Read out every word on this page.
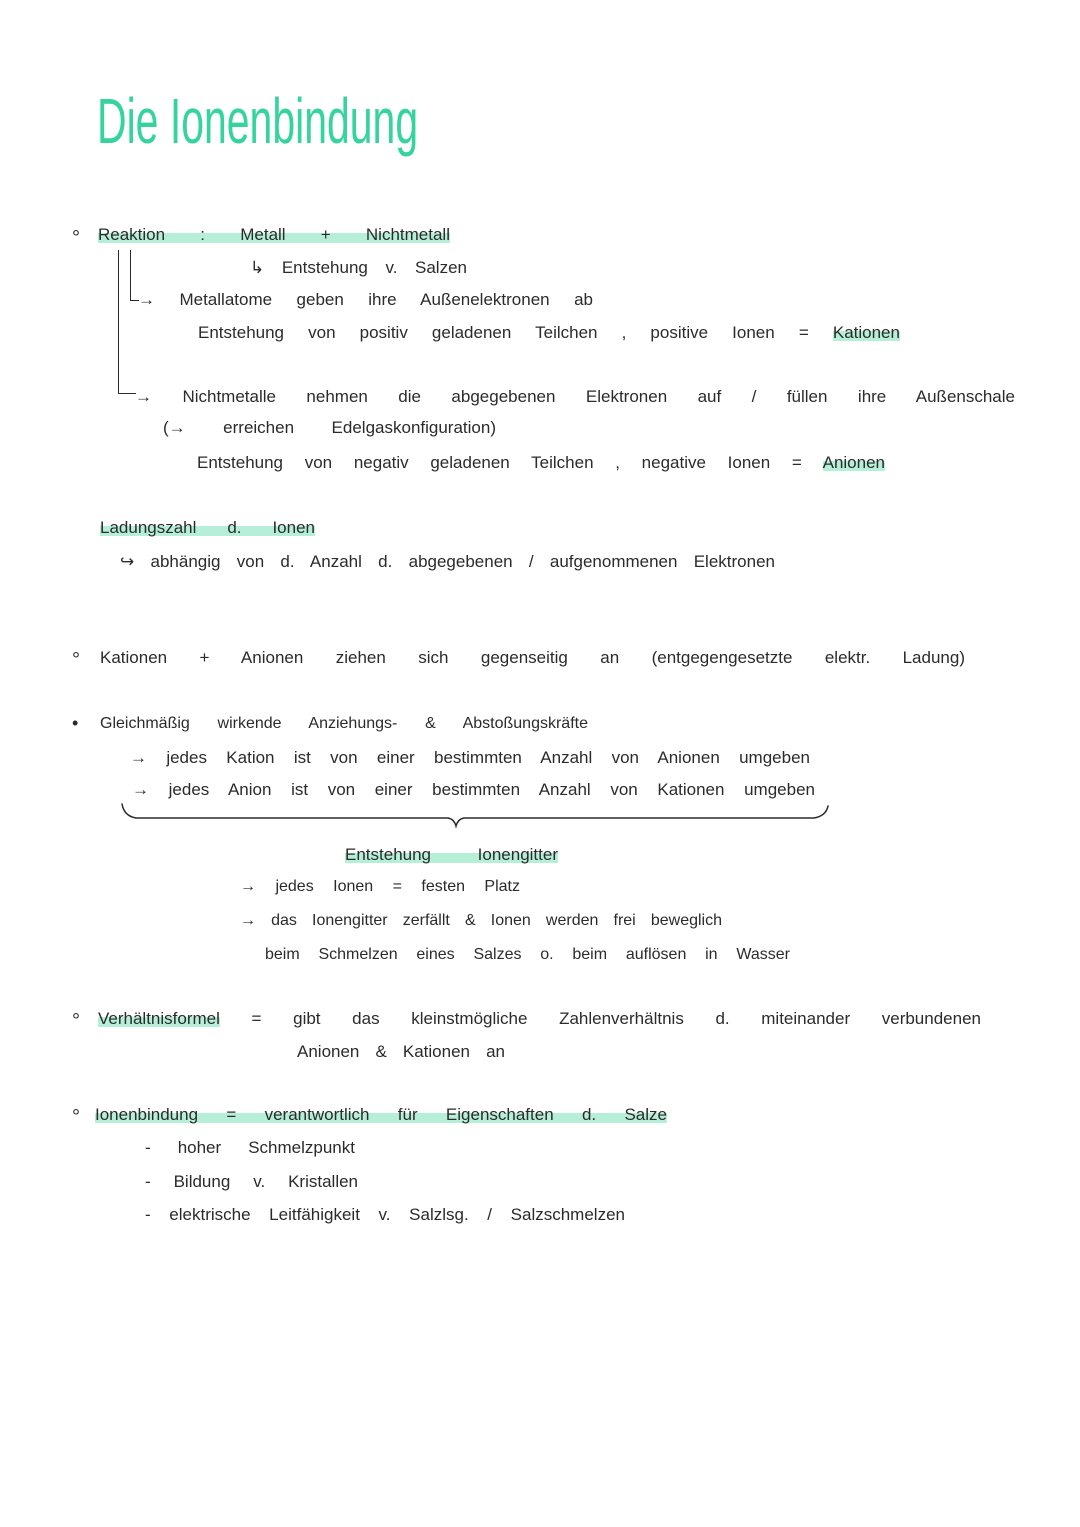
Die Ionenbindung
° Reaktion : Metall + Nichtmetall
↳ Entstehung v. Salzen
→ Metallatome geben ihre Außenelektronen ab
Entstehung von positiv geladenen Teilchen , positive Ionen = Kationen
→ Nichtmetalle nehmen die abgegebenen Elektronen auf / füllen ihre Außenschale
(→ erreichen Edelgaskonfiguration)
Entstehung von negativ geladenen Teilchen , negative Ionen = Anionen
Ladungszahl d. Ionen
↪ abhängig von d. Anzahl d. abgegebenen / aufgenommenen Elektronen
° Kationen + Anionen ziehen sich gegenseitig an (entgegengesetzte elektr. Ladung)
• Gleichmäßig wirkende Anziehungs- & Abstoßungskräfte
→ jedes Kation ist von einer bestimmten Anzahl von Anionen umgeben
→ jedes Anion ist von einer bestimmten Anzahl von Kationen umgeben
Entstehung Ionengitter
→ jedes Ionen = festen Platz
→ das Ionengitter zerfällt & Ionen werden frei beweglich
beim Schmelzen eines Salzes o. beim auflösen in Wasser
° Verhältnisformel = gibt das kleinstmögliche Zahlenverhältnis d. miteinander verbundenen
Anionen & Kationen an
° Ionenbindung = verantwortlich für Eigenschaften d. Salze
- hoher Schmelzpunkt
- Bildung v. Kristallen
- elektrische Leitfähigkeit v. Salzlsg. / Salzschmelzen
